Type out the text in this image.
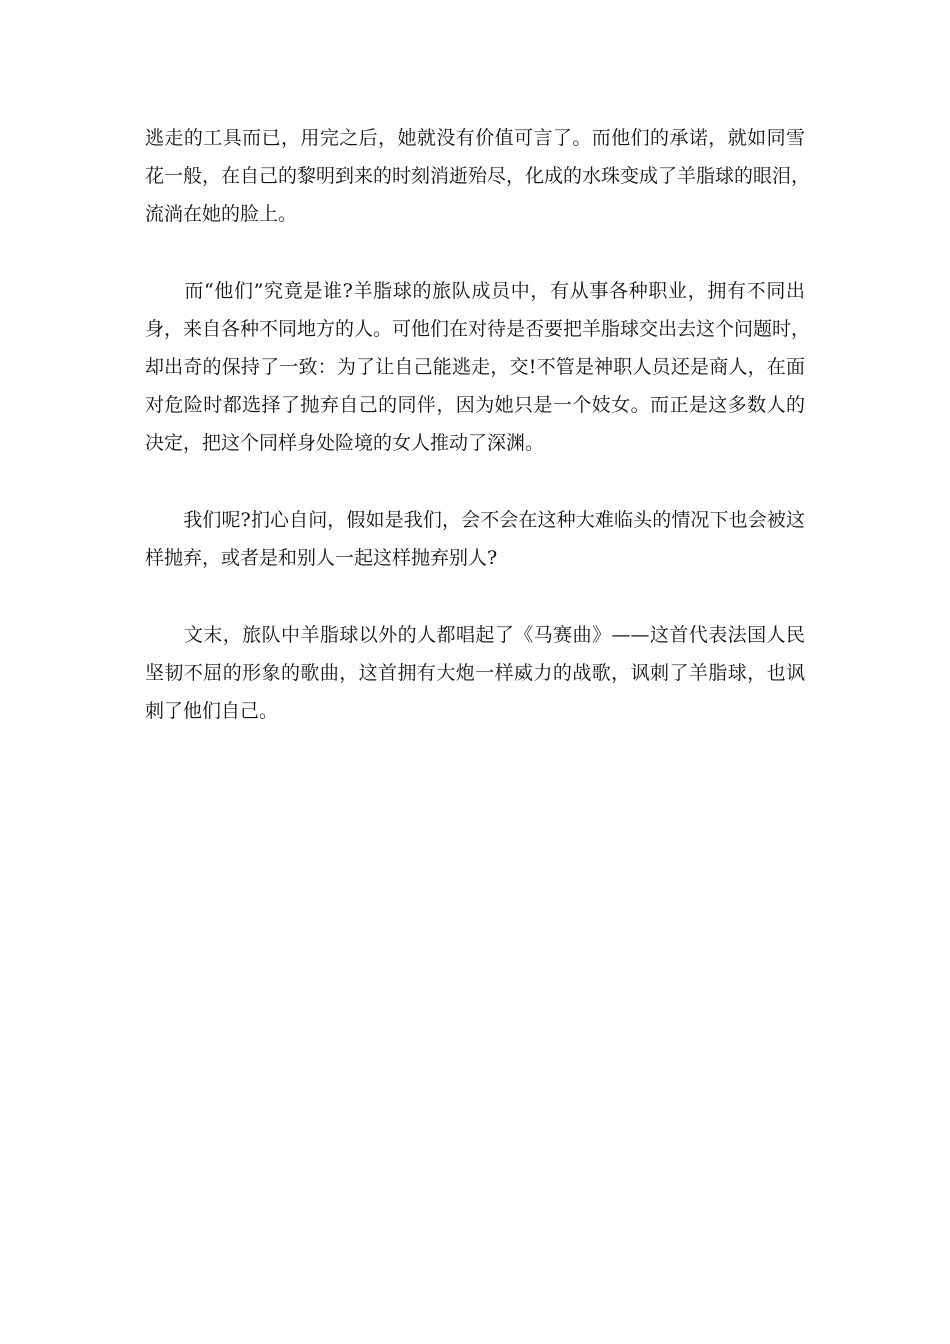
逃走的工具而已，用完之后，她就没有价值可言了。而他们的承诺，就如同雪
花一般，在自己的黎明到来的时刻消逝殆尽，化成的水珠变成了羊脂球的眼泪，
流淌在她的脸上。
　　而“他们”究竟是谁?羊脂球的旅队成员中，有从事各种职业，拥有不同出
身，来自各种不同地方的人。可他们在对待是否要把羊脂球交出去这个问题时，
却出奇的保持了一致：为了让自己能逃走，交!不管是神职人员还是商人，在面
对危险时都选择了抛弃自己的同伴，因为她只是一个妓女。而正是这多数人的
决定，把这个同样身处险境的女人推动了深渊。
　　我们呢?扪心自问，假如是我们，会不会在这种大难临头的情况下也会被这
样抛弃，或者是和别人一起这样抛弃别人?
　　文末，旅队中羊脂球以外的人都唱起了《马赛曲》——这首代表法国人民
坚韧不屈的形象的歌曲，这首拥有大炮一样威力的战歌，讽刺了羊脂球，也讽
刺了他们自己。
